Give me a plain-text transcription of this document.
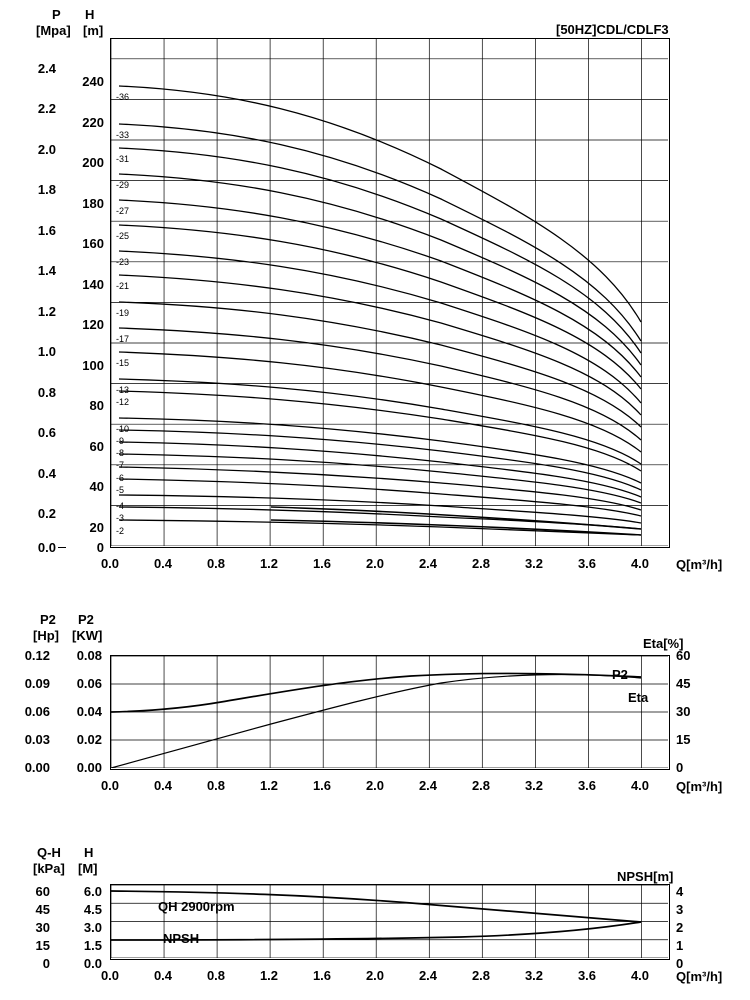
P H
[Mpa] [m]	[50HZ]CDL/CDLF3
-36
-33
-31
-29
-27
-25
-23
-21
-19
-17
-15
-13
-12
-10
-9
-8
-7
-6
-5
-4
-3
-2
240
220
200
180
160
140
120
100
80
60
40
20
0
2.4
2.2
2.0
1.8
1.6
1.4
1.2
1.0
0.8
0.6
0.4
0.2
0.0
0.0	0.4	0.8	1.2	1.6	2.0	2.4	2.8	3.2	3.6	4.0	Q[m³/h]
P2 P2
[Hp] [KW]
Eta[%]
P2
Eta
0.12
0.09
0.06
0.03
0.00
0.08
0.06
0.04
0.02
0.00
60
45
30
15
0
0.0	0.4	0.8	1.2	1.6	2.0	2.4	2.8	3.2	3.6	4.0	Q[m³/h]
Q-H H
[kPa] [M]
NPSH[m]
QH 2900rpm
NPSH
60
45
30
15
0
6.0
4.5
3.0
1.5
0.0
4
3
2
1
0
0.0	0.4	0.8	1.2	1.6	2.0	2.4	2.8	3.2	3.6	4.0	Q[m³/h]
